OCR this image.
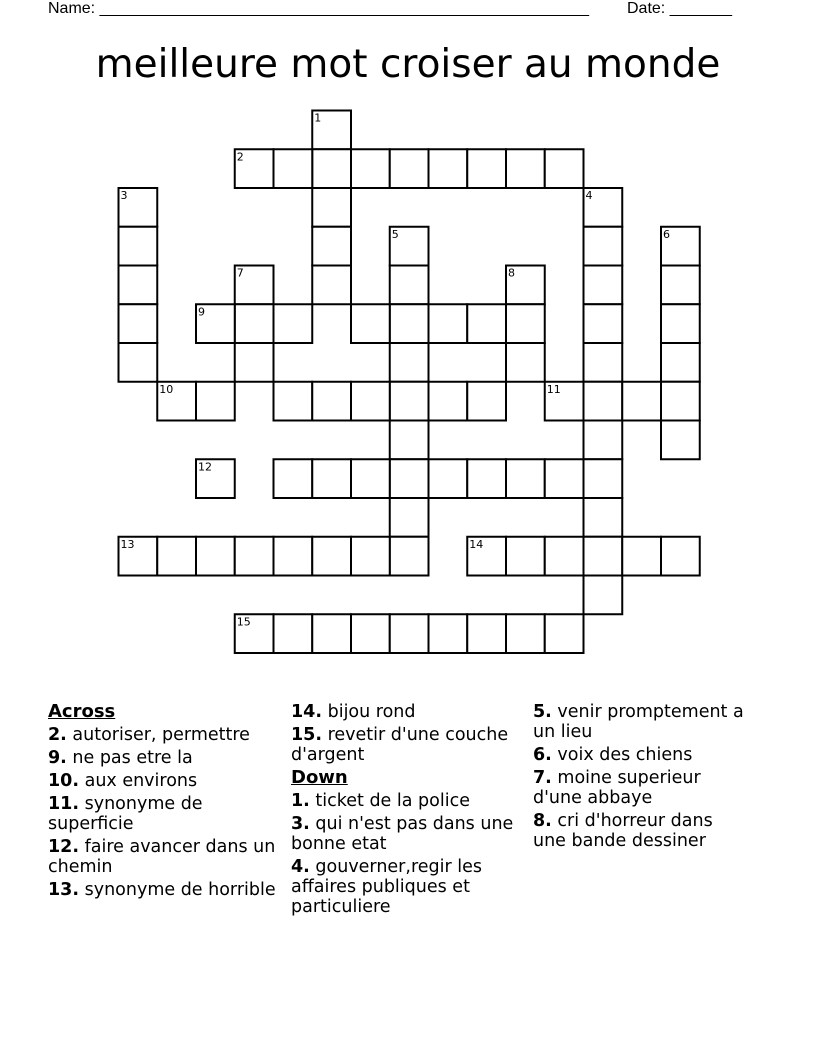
Name: _______________________________________________________ Date: _______
meilleure mot croiser au monde
1
2
3	4
5	6
7	8
9
10	11
12
13	14
15
Across
2. autoriser, permettre
9. ne pas etre la
10. aux environs
11. synonyme de superficie
12. faire avancer dans un chemin
13. synonyme de horrible
14. bijou rond
15. revetir d'une couche d'argent
Down
1. ticket de la police
3. qui n'est pas dans une bonne etat
4. gouverner,regir les affaires publiques et particuliere
5. venir promptement a un lieu
6. voix des chiens
7. moine superieur d'une abbaye
8. cri d'horreur dans une bande dessiner
